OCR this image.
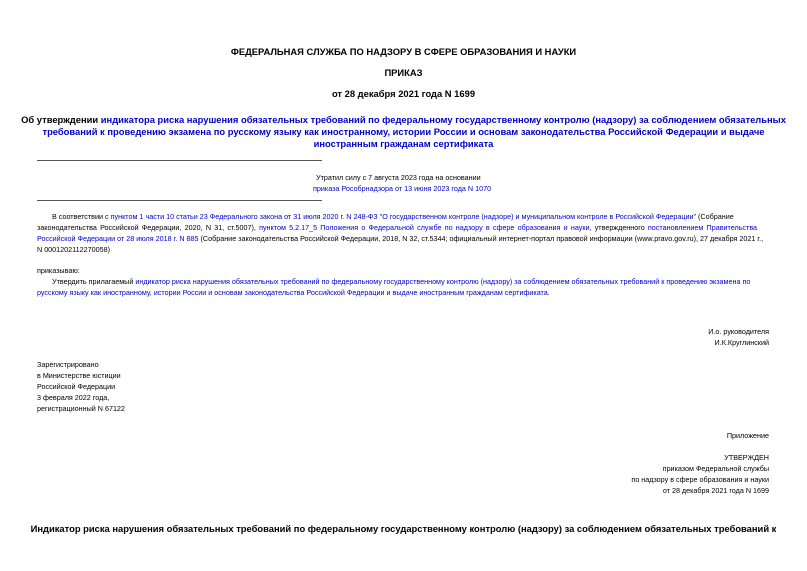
ФЕДЕРАЛЬНАЯ СЛУЖБА ПО НАДЗОРУ В СФЕРЕ ОБРАЗОВАНИЯ И НАУКИ
ПРИКАЗ
от 28 декабря 2021 года N 1699
Об утверждении индикатора риска нарушения обязательных требований по федеральному государственному контролю (надзору) за соблюдением обязательных
требований к проведению экзамена по русскому языку как иностранному, истории России и основам законодательства Российской Федерации и выдаче
иностранным гражданам сертификата
Утратил силу с 7 августа 2023 года на основании
приказа Рособрнадзора от 13 июня 2023 года N 1070
В соответствии с пунктом 1 части 10 статьи 23 Федерального закона от 31 июля 2020 г. N 248-ФЗ "О государственном контроле (надзоре) и муниципальном контроле в Российской Федерации" (Собрание
законодательства Российской Федерации, 2020, N 31, ст.5007), пунктом 5.2.17_5 Положения о Федеральной службе по надзору в сфере образования и науки, утвержденного постановлением Правительства
Российской Федерации от 28 июля 2018 г. N 885 (Собрание законодательства Российской Федерации, 2018, N 32, ст.5344; официальный интернет-портал правовой информации (www.pravo.gov.ru), 27 декабря 2021 г.,
N 0001202112270058)
приказываю:
Утвердить прилагаемый индикатор риска нарушения обязательных требований по федеральному государственному контролю (надзору) за соблюдением обязательных требований к проведению экзамена по
русскому языку как иностранному, истории России и основам законодательства Российской Федерации и выдаче иностранным гражданам сертификата.
И.о. руководителя
И.К.Круглинский
Зарегистрировано
в Министерстве юстиции
Российской Федерации
3 февраля 2022 года,
регистрационный N 67122
Приложение
УТВЕРЖДЕН
приказом Федеральной службы
по надзору в сфере образования и науки
от 28 декабря 2021 года N 1699
Индикатор риска нарушения обязательных требований по федеральному государственному контролю (надзору) за соблюдением обязательных требований к
